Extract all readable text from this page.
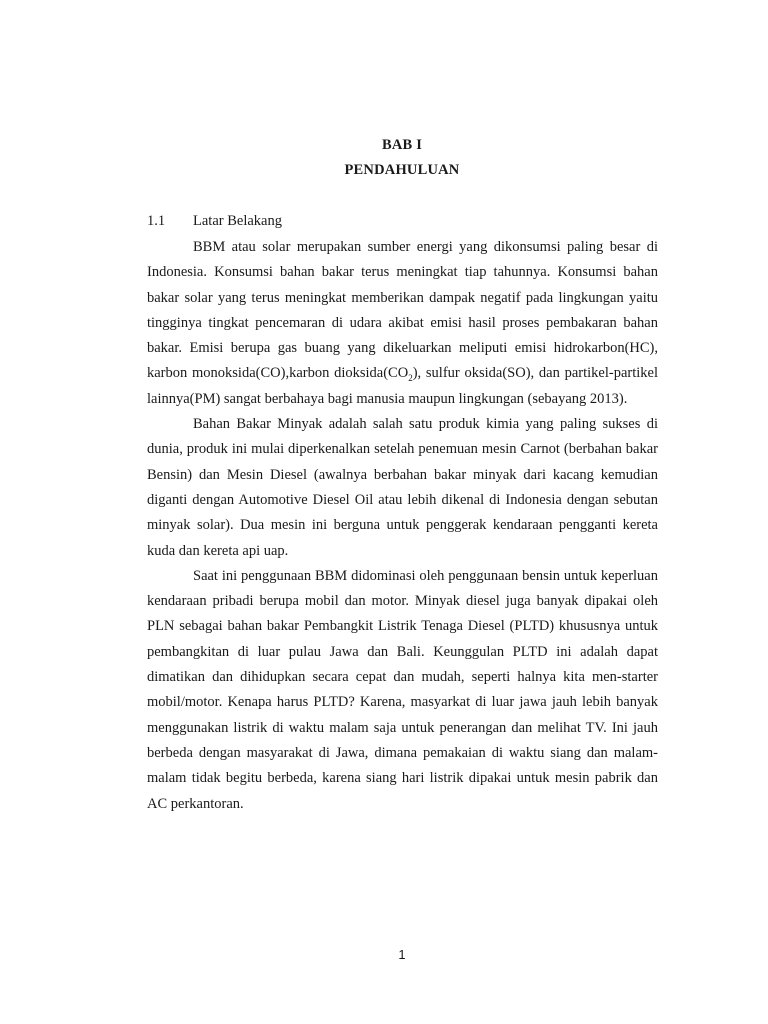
BAB I
PENDAHULUAN
1.1 Latar Belakang

BBM atau solar merupakan sumber energi yang dikonsumsi paling besar di Indonesia. Konsumsi bahan bakar terus meningkat tiap tahunnya. Konsumsi bahan bakar solar yang terus meningkat memberikan dampak negatif pada lingkungan yaitu tingginya tingkat pencemaran di udara akibat emisi hasil proses pembakaran bahan bakar. Emisi berupa gas buang yang dikeluarkan meliputi emisi hidrokarbon(HC), karbon monoksida(CO),karbon $dioksida(CO_2)$, sulfur oksida(SO), dan partikel-partikel lainnya(PM) sangat berbahaya bagi manusia maupun lingkungan (sebayang 2013).

Bahan Bakar Minyak adalah salah satu produk kimia yang paling sukses di dunia, produk ini mulai diperkenalkan setelah penemuan mesin Carnot (berbahan bakar Bensin) dan Mesin Diesel (awalnya berbahan bakar minyak dari kacang kemudian diganti dengan Automotive Diesel Oil atau lebih dikenal di Indonesia dengan sebutan minyak solar). Dua mesin ini berguna untuk penggerak kendaraan pengganti kereta kuda dan kereta api uap.

Saat ini penggunaan BBM didominasi oleh penggunaan bensin untuk keperluan kendaraan pribadi berupa mobil dan motor. Minyak diesel juga banyak dipakai oleh PLN sebagai bahan bakar Pembangkit Listrik Tenaga Diesel (PLTD) khususnya untuk pembangkitan di luar pulau Jawa dan Bali. Keunggulan PLTD ini adalah dapat dimatikan dan dihidupkan secara cepat dan mudah, seperti halnya kita men-starter mobil/motor. Kenapa harus PLTD? Karena, masyarkat di luar jawa jauh lebih banyak menggunakan listrik di waktu malam saja untuk penerangan dan melihat TV. Ini jauh berbeda dengan masyarakat di Jawa, dimana pemakaian di waktu siang dan malam-malam tidak begitu berbeda, karena siang hari listrik dipakai untuk mesin pabrik dan AC perkantoran.

1
